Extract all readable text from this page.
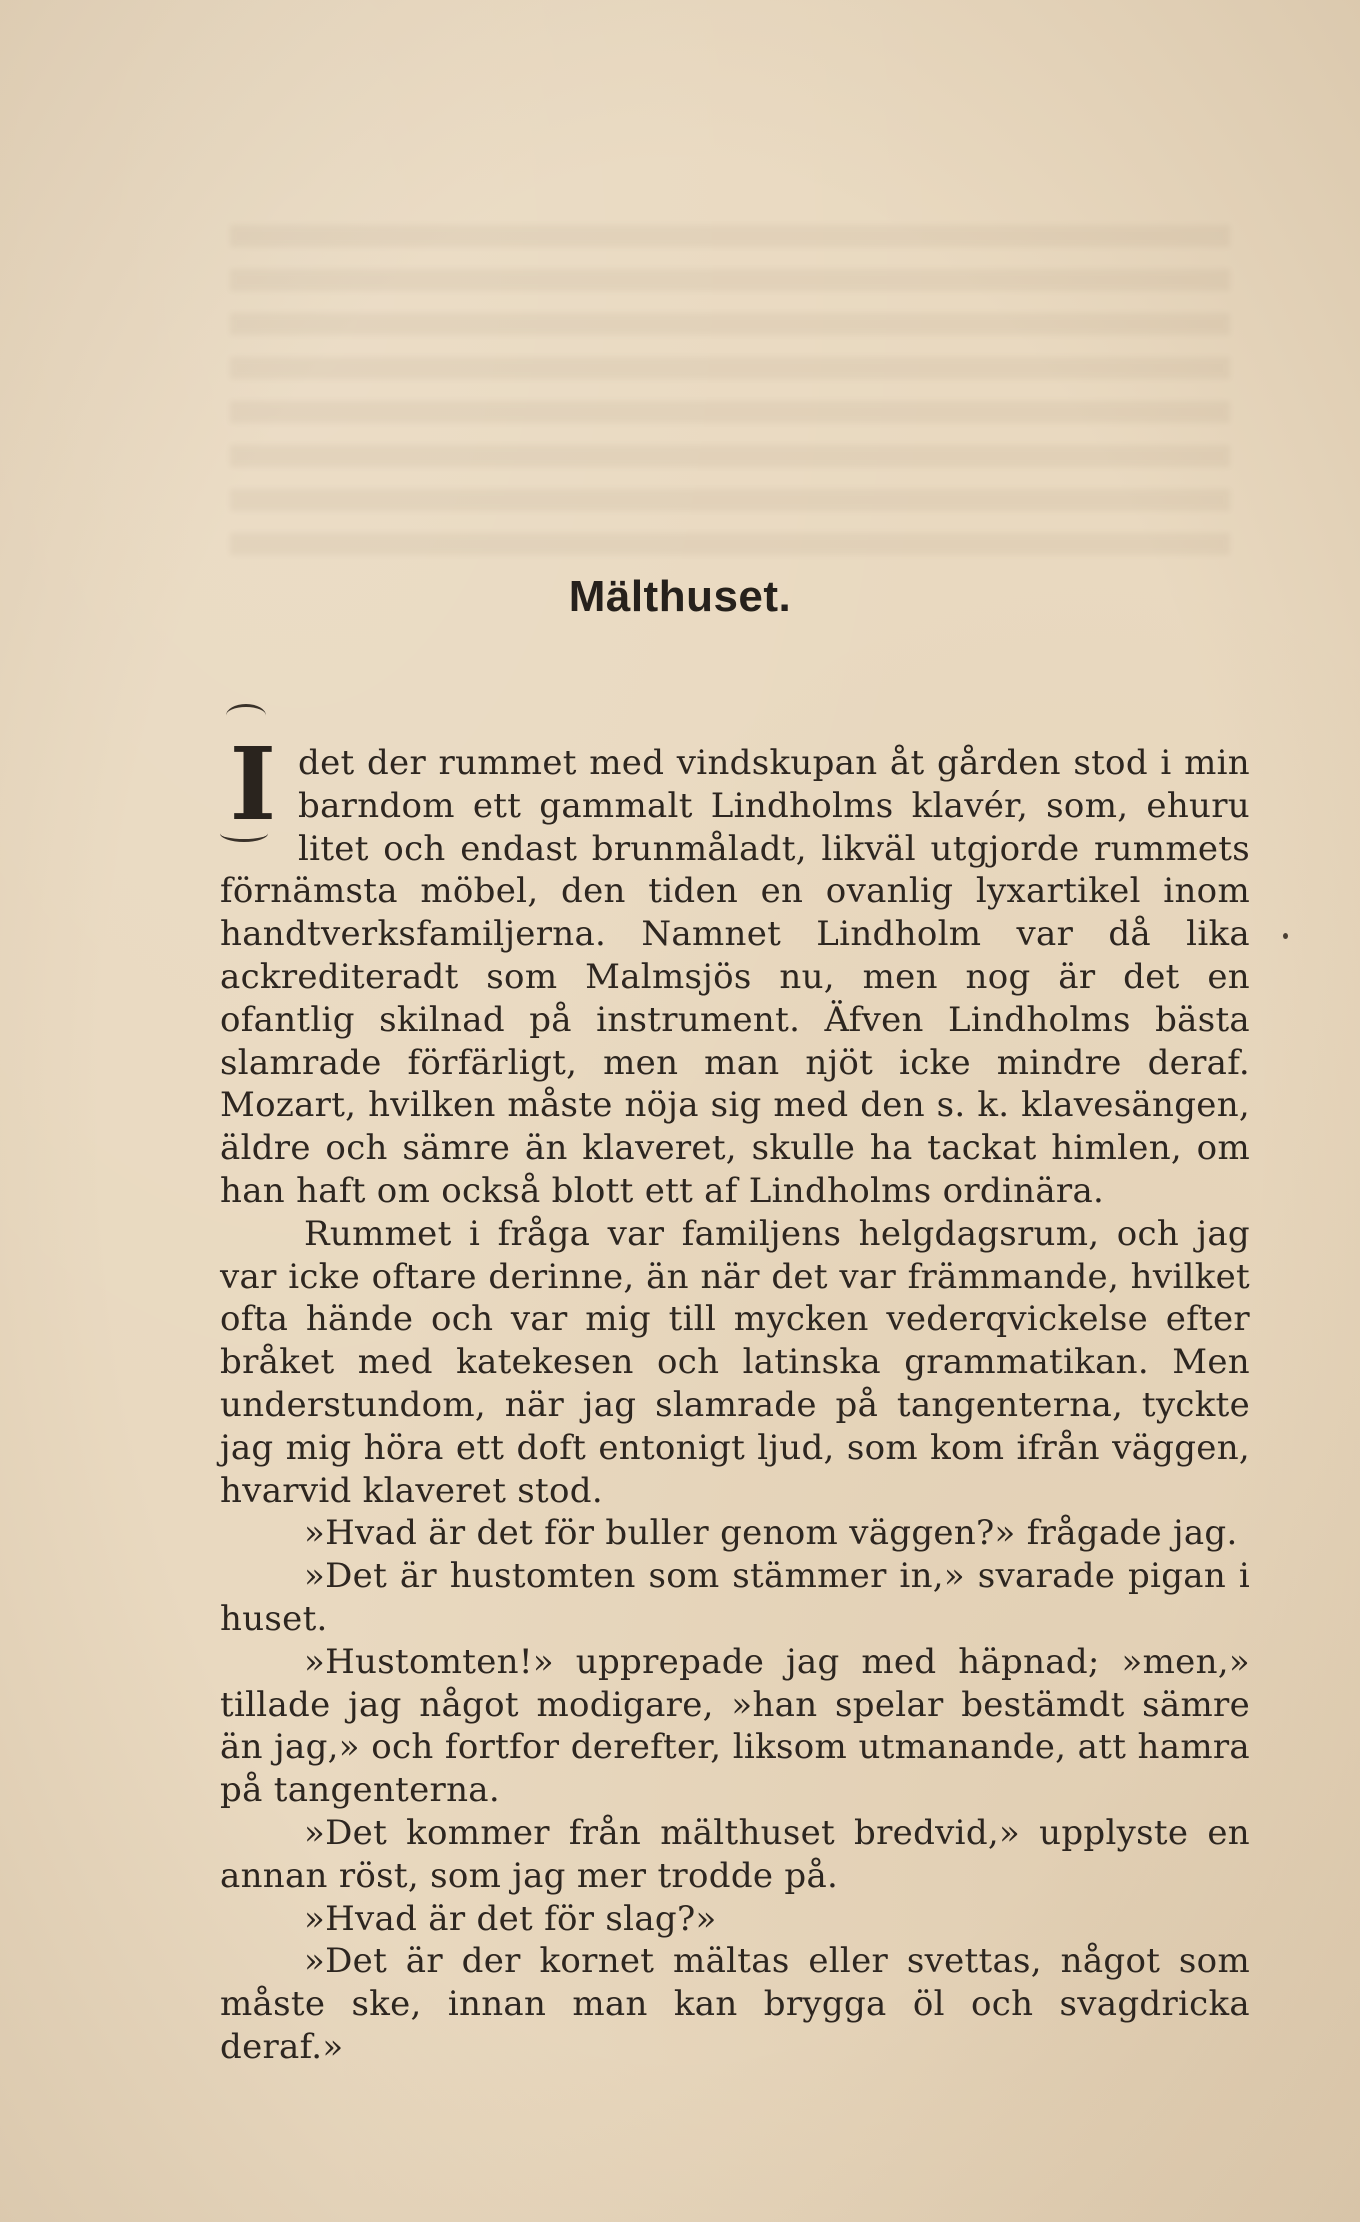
Mälthuset.

I det der rummet med vindskupan åt gården stod i min barndom ett gammalt Lindholms klavér, som, ehuru litet och endast brunmåladt, likväl utgjorde rummets förnämsta möbel, den tiden en ovanlig lyxartikel inom handtverksfamiljerna. Namnet Lindholm var då lika ackrediteradt som Malmsjös nu, men nog är det en ofantlig skilnad på instrument. Äfven Lindholms bästa slamrade förfärligt, men man njöt icke mindre deraf. Mozart, hvilken måste nöja sig med den s. k. klavesängen, äldre och sämre än klaveret, skulle ha tackat himlen, om han haft om också blott ett af Lindholms ordinära.

Rummet i fråga var familjens helgdagsrum, och jag var icke oftare derinne, än när det var främmande, hvilket ofta hände och var mig till mycken vederqvickelse efter bråket med katekesen och latinska grammatikan. Men understundom, när jag slamrade på tangenterna, tyckte jag mig höra ett doft entonigt ljud, som kom ifrån väggen, hvarvid klaveret stod.

»Hvad är det för buller genom väggen?» frågade jag.

»Det är hustomten som stämmer in,» svarade pigan i huset.

»Hustomten!» upprepade jag med häpnad; »men,» tillade jag något modigare, »han spelar bestämdt sämre än jag,» och fortfor derefter, liksom utmanande, att hamra på tangenterna.

»Det kommer från mälthuset bredvid,» upplyste en annan röst, som jag mer trodde på.

»Hvad är det för slag?»

»Det är der kornet mältas eller svettas, något som måste ske, innan man kan brygga öl och svagdricka deraf.»
